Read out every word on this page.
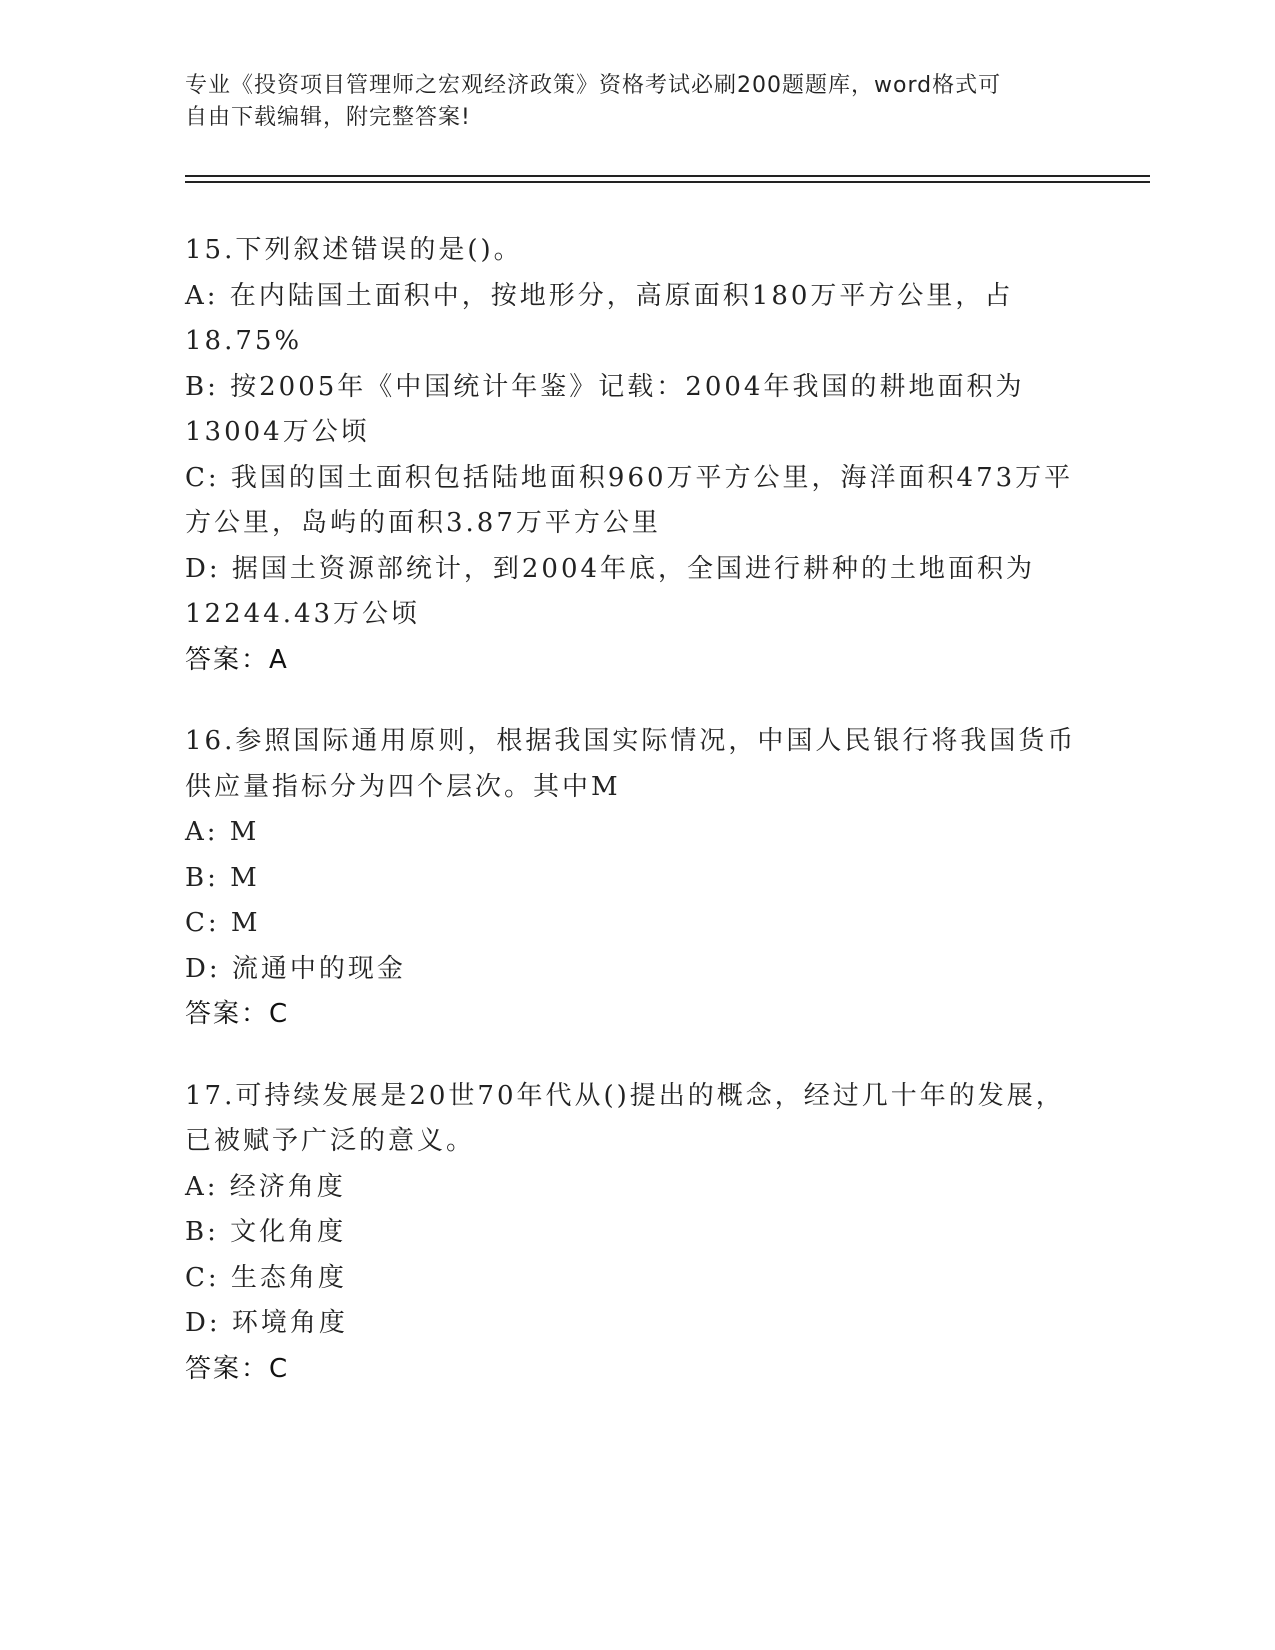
专业《投资项目管理师之宏观经济政策》资格考试必刷200题题库，word格式可
自由下载编辑，附完整答案!
15.下列叙述错误的是()。
A: 在内陆国土面积中，按地形分，高原面积180万平方公里，占
18.75%
B: 按2005年《中国统计年鉴》记载：2004年我国的耕地面积为
13004万公顷
C: 我国的国土面积包括陆地面积960万平方公里，海洋面积473万平
方公里，岛屿的面积3.87万平方公里
D: 据国土资源部统计，到2004年底，全国进行耕种的土地面积为
12244.43万公顷
答案：A
16.参照国际通用原则，根据我国实际情况，中国人民银行将我国货币
供应量指标分为四个层次。其中M
A: M
B: M
C: M
D: 流通中的现金
答案：C
17.可持续发展是20世70年代从()提出的概念，经过几十年的发展，
已被赋予广泛的意义。
A: 经济角度
B: 文化角度
C: 生态角度
D: 环境角度
答案：C
